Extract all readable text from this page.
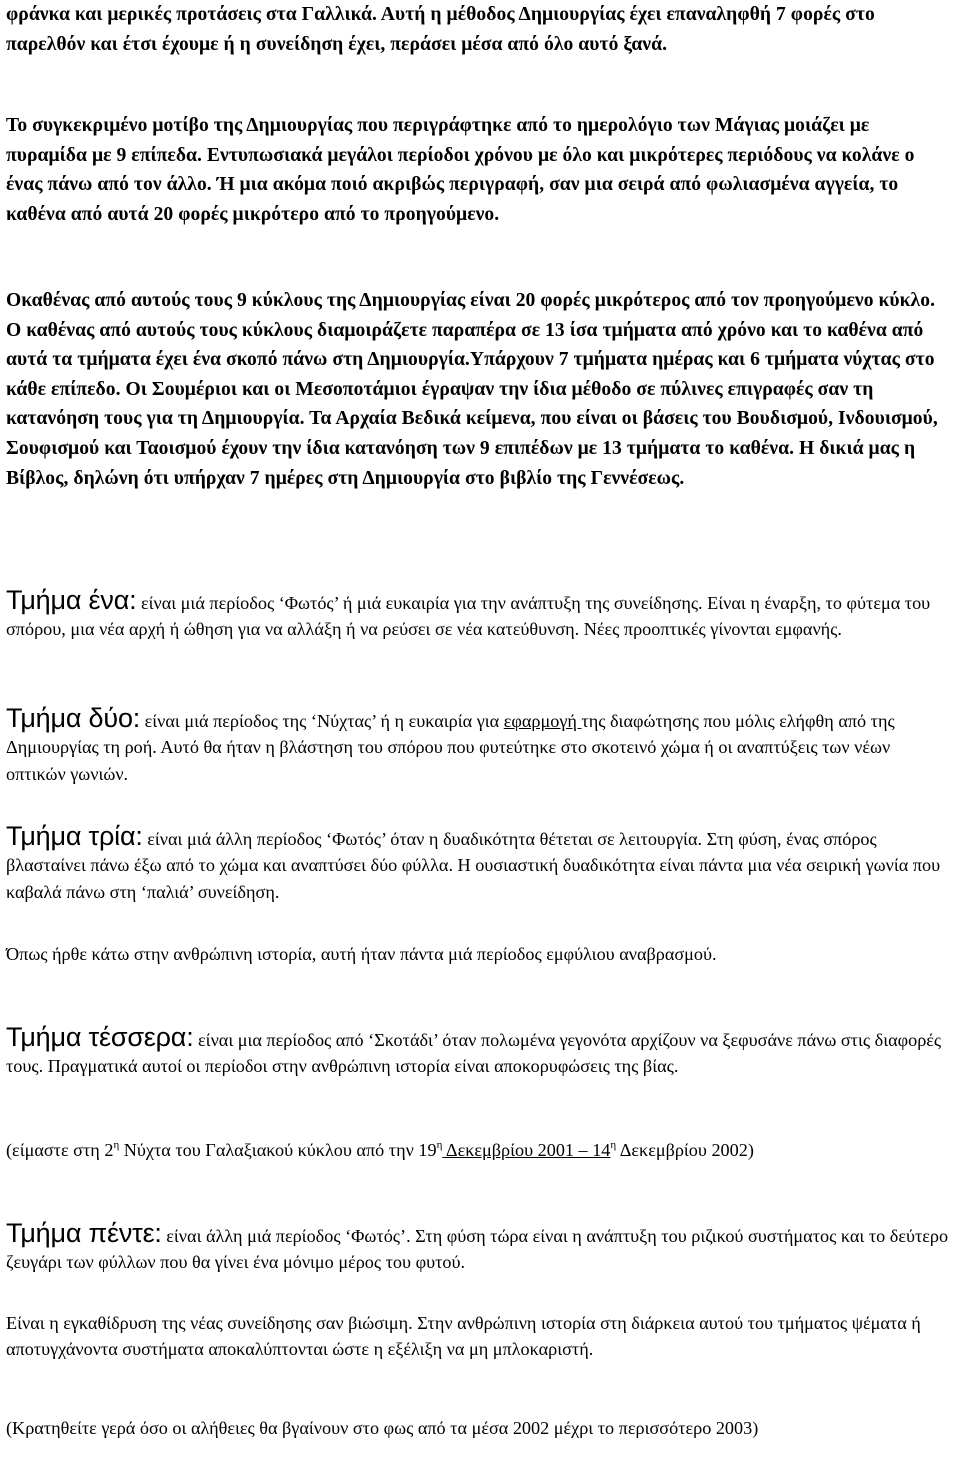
φράνκα και μερικές προτάσεις στα Γαλλικά. Αυτή η μέθοδος Δημιουργίας έχει επαναληφθή 7 φορές στο παρελθόν και έτσι έχουμε ή η συνείδηση έχει, περάσει μέσα από όλο αυτό ξανά.

Το συγκεκριμένο μοτίβο της Δημιουργίας που περιγράφτηκε από το ημερολόγιο των Μάγιας μοιάζει με πυραμίδα με 9 επίπεδα. Εντυπωσιακά μεγάλοι περίοδοι χρόνου με όλο και μικρότερες περιόδους να κολάνε ο ένας πάνω από τον άλλο. Ή μια ακόμα ποιό ακριβώς περιγραφή, σαν μια σειρά από φωλιασμένα αγγεία, το καθένα από αυτά 20 φορές μικρότερο από το προηγούμενο.

Οκαθένας από αυτούς τους 9 κύκλους της Δημιουργίας είναι 20 φορές μικρότερος από τον προηγούμενο κύκλο. Ο καθένας από αυτούς τους κύκλους διαμοιράζετε παραπέρα σε 13 ίσα τμήματα από χρόνο και το καθένα από αυτά τα τμήματα έχει ένα σκοπό πάνω στη Δημιουργία.Υπάρχουν 7 τμήματα ημέρας και 6 τμήματα νύχτας στο κάθε επίπεδο. Οι Σουμέριοι και οι Μεσοποτάμιοι έγραψαν την ίδια μέθοδο σε πύλινες επιγραφές σαν τη κατανόηση τους για τη Δημιουργία. Τα Αρχαία Βεδικά κείμενα, που είναι οι βάσεις του Βουδισμού, Ινδουισμού, Σουφισμού και Ταοισμού έχουν την ίδια κατανόηση των 9 επιπέδων με 13 τμήματα το καθένα. Η δικιά μας η Βίβλος, δηλώνη ότι υπήρχαν 7 ημέρες στη Δημιουργία στο βιβλίο της Γεννέσεως.

Τμήμα ένα: είναι μιά περίοδος ‘Φωτός’ ή μιά ευκαιρία για την ανάπτυξη της συνείδησης. Είναι η έναρξη, το φύτεμα του σπόρου, μια νέα αρχή ή ώθηση για να αλλάξη ή να ρεύσει σε νέα κατεύθυνση. Νέες προοπτικές γίνονται εμφανής.

Τμήμα δύο: είναι μιά περίοδος της ‘Νύχτας’ ή η ευκαιρία για εφαρμογή της διαφώτησης που μόλις ελήφθη από της Δημιουργίας τη ροή. Αυτό θα ήταν η βλάστηση του σπόρου που φυτεύτηκε στο σκοτεινό χώμα ή οι αναπτύξεις των νέων οπτικών γωνιών.

Τμήμα τρία: είναι μιά άλλη περίοδος ‘Φωτός’ όταν η δυαδικότητα θέτεται σε λειτουργία. Στη φύση, ένας σπόρος βλασταίνει πάνω έξω από το χώμα και αναπτύσει δύο φύλλα. Η ουσιαστική δυαδικότητα είναι πάντα μια νέα σειρική γωνία που καβαλά πάνω στη ‘παλιά’ συνείδηση.

Όπως ήρθε κάτω στην ανθρώπινη ιστορία, αυτή ήταν πάντα μιά περίοδος εμφύλιου αναβρασμού.

Τμήμα τέσσερα: είναι μια περίοδος από ‘Σκοτάδι’ όταν πολωμένα γεγονότα αρχίζουν να ξεφυσάνε πάνω στις διαφορές τους. Πραγματικά αυτοί οι περίοδοι στην ανθρώπινη ιστορία είναι αποκορυφώσεις της βίας.

(είμαστε στη $2^\eta$ Νύχτα του Γαλαξιακού κύκλου από την $19^\eta$ Δεκεμβρίου $2001 - 14^\eta$ Δεκεμβρίου 2002)

Τμήμα πέντε: είναι άλλη μιά περίοδος ‘Φωτός’. Στη φύση τώρα είναι η ανάπτυξη του ριζικού συστήματος και το δεύτερο ζευγάρι των φύλλων που θα γίνει ένα μόνιμο μέρος του φυτού.

Είναι η εγκαθίδρυση της νέας συνείδησης σαν βιώσιμη. Στην ανθρώπινη ιστορία στη διάρκεια αυτού του τμήματος ψέματα ή αποτυγχάνοντα συστήματα αποκαλύπτονται ώστε η εξέλιξη να μη μπλοκαριστή.

(Κρατηθείτε γερά όσο οι αλήθειες θα βγαίνουν στο φως από τα μέσα 2002 μέχρι το περισσότερο 2003)
